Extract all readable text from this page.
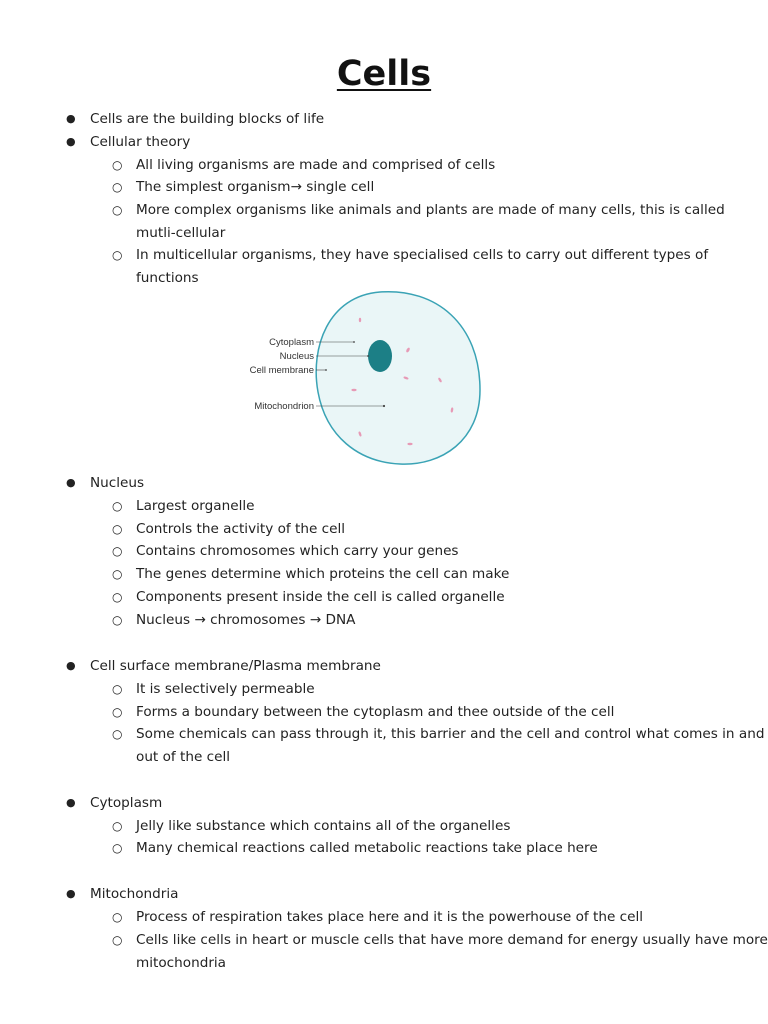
Cells
● Cells are the building blocks of life
● Cellular theory
○ All living organisms are made and comprised of cells
○ The simplest organism→ single cell
○ More complex organisms like animals and plants are made of many cells, this is called
mutli-cellular
○ In multicellular organisms, they have specialised cells to carry out different types of
functions
Cytoplasm
Nucleus
Cell membrane
Mitochondrion
● Nucleus
○ Largest organelle
○ Controls the activity of the cell
○ Contains chromosomes which carry your genes
○ The genes determine which proteins the cell can make
○ Components present inside the cell is called organelle
○ Nucleus → chromosomes → DNA
● Cell surface membrane/Plasma membrane
○ It is selectively permeable
○ Forms a boundary between the cytoplasm and thee outside of the cell
○ Some chemicals can pass through it, this barrier and the cell and control what comes in and
out of the cell
● Cytoplasm
○ Jelly like substance which contains all of the organelles
○ Many chemical reactions called metabolic reactions take place here
● Mitochondria
○ Process of respiration takes place here and it is the powerhouse of the cell
○ Cells like cells in heart or muscle cells that have more demand for energy usually have more
mitochondria
